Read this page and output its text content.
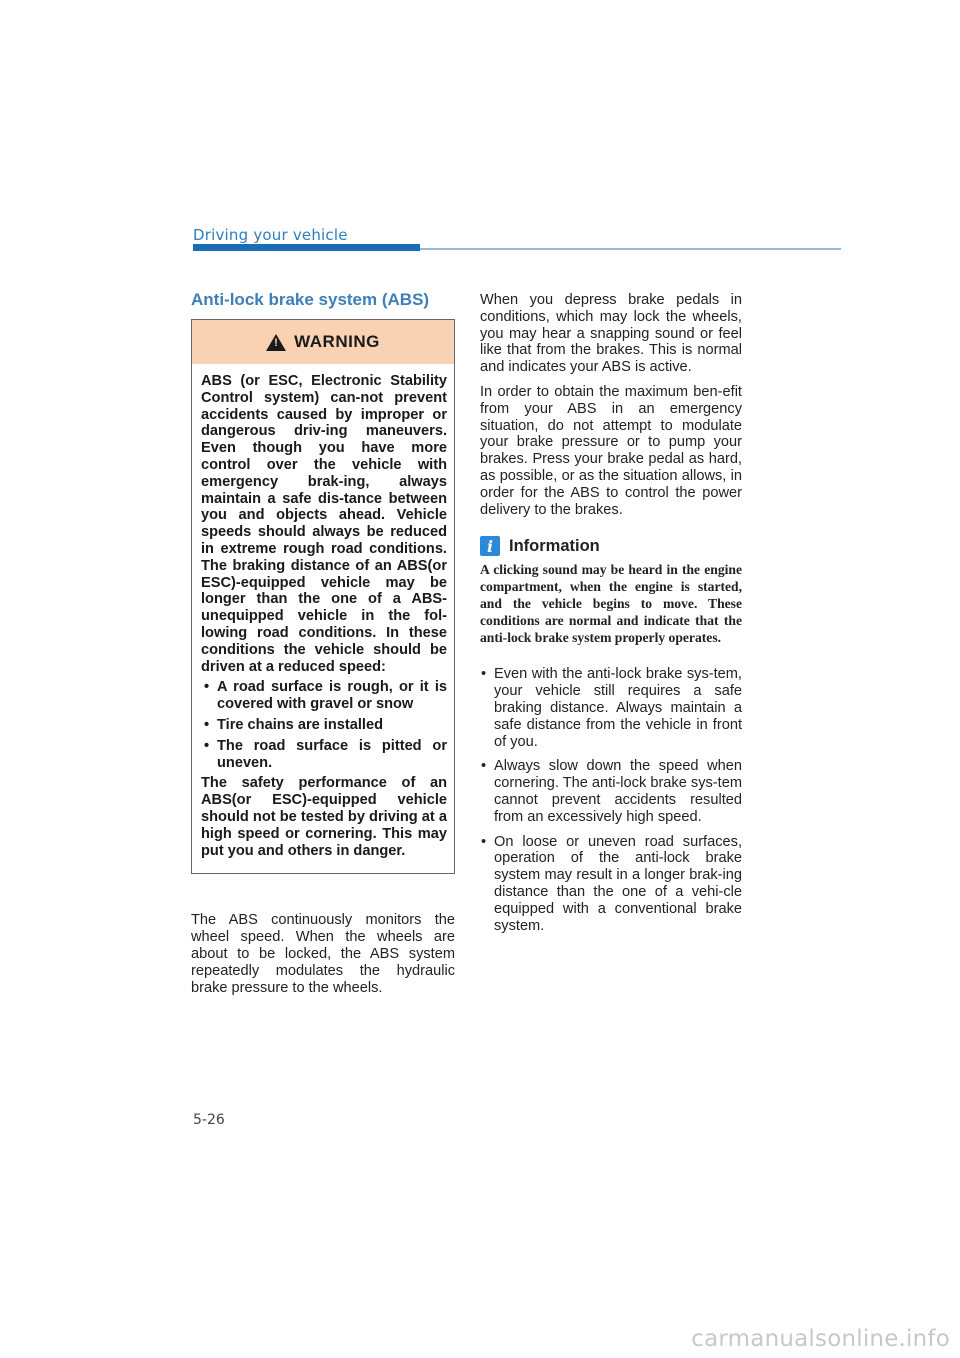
Driving your vehicle
Anti-lock brake system (ABS)
!
WARNING

ABS (or ESC, Electronic Stability Control system) can-not prevent accidents caused by improper or dangerous driv-ing maneuvers. Even though you have more control over the vehicle with emergency brak-ing, always maintain a safe dis-tance between you and objects ahead. Vehicle speeds should always be reduced in extreme rough road conditions. The braking distance of an ABS(or ESC)-equipped vehicle may be longer than the one of a ABS-unequipped vehicle in the fol-lowing road conditions. In these conditions the vehicle should be driven at a reduced speed:

• A road surface is rough, or it is covered with gravel or snow
• Tire chains are installed
• The road surface is pitted or uneven.

The safety performance of an ABS(or ESC)-equipped vehicle should not be tested by driving at a high speed or cornering. This may put you and others in danger.

The ABS continuously monitors the wheel speed. When the wheels are about to be locked, the ABS system repeatedly modulates the hydraulic brake pressure to the wheels.

When you depress brake pedals in conditions, which may lock the wheels, you may hear a snapping sound or feel like that from the brakes. This is normal and indicates your ABS is active.

In order to obtain the maximum ben-efit from your ABS in an emergency situation, do not attempt to modulate your brake pressure or to pump your brakes. Press your brake pedal as hard, as possible, or as the situation allows, in order for the ABS to control the power delivery to the brakes.

i Information

A clicking sound may be heard in the engine compartment, when the engine is started, and the vehicle begins to move. These conditions are normal and indicate that the anti-lock brake system properly operates.

• Even with the anti-lock brake sys-tem, your vehicle still requires a safe braking distance. Always maintain a safe distance from the vehicle in front of you.
• Always slow down the speed when cornering. The anti-lock brake sys-tem cannot prevent accidents resulted from an excessively high speed.
• On loose or uneven road surfaces, operation of the anti-lock brake system may result in a longer brak-ing distance than the one of a vehi-cle equipped with a conventional brake system.
5-26
carmanualsonline.info
